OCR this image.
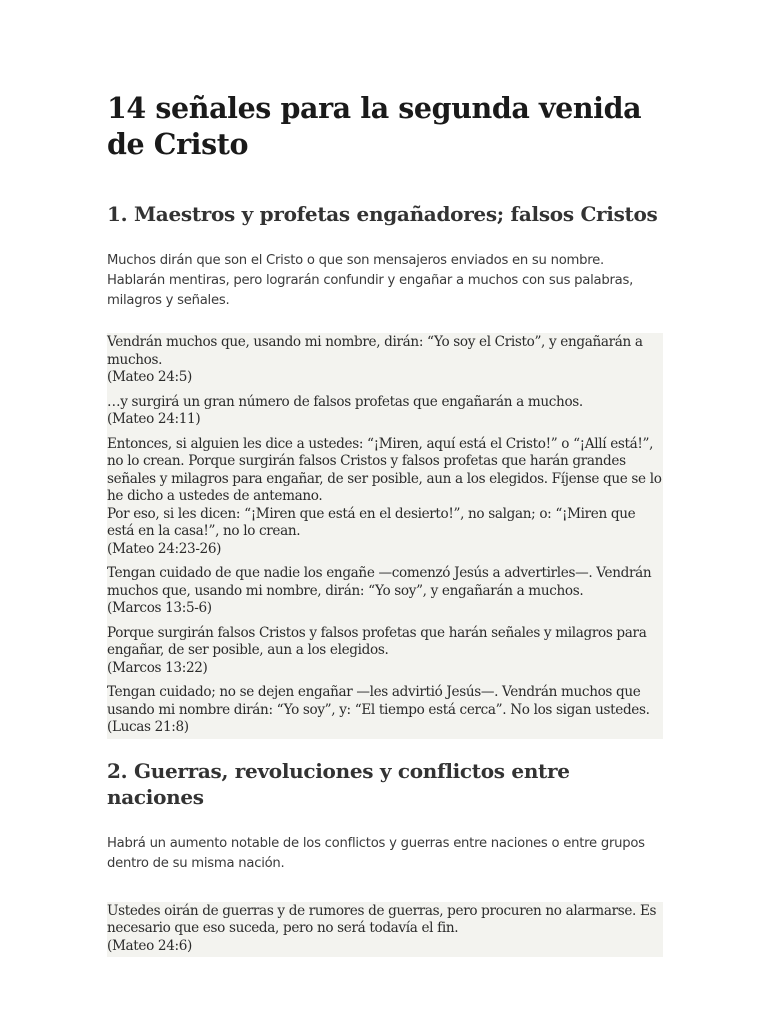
14 señales para la segunda venida de Cristo
1. Maestros y profetas engañadores; falsos Cristos

Muchos dirán que son el Cristo o que son mensajeros enviados en su nombre. Hablarán mentiras, pero lograrán confundir y engañar a muchos con sus palabras, milagros y señales.

Vendrán muchos que, usando mi nombre, dirán: “Yo soy el Cristo”, y engañarán a muchos.
(Mateo 24:5)

…y surgirá un gran número de falsos profetas que engañarán a muchos.
(Mateo 24:11)

Entonces, si alguien les dice a ustedes: “¡Miren, aquí está el Cristo!” o “¡Allí está!”, no lo crean. Porque surgirán falsos Cristos y falsos profetas que harán grandes señales y milagros para engañar, de ser posible, aun a los elegidos. Fíjense que se lo he dicho a ustedes de antemano.
Por eso, si les dicen: “¡Miren que está en el desierto!”, no salgan; o: “¡Miren que está en la casa!”, no lo crean.
(Mateo 24:23-26)

Tengan cuidado de que nadie los engañe —comenzó Jesús a advertirles—. Vendrán muchos que, usando mi nombre, dirán: “Yo soy”, y engañarán a muchos.
(Marcos 13:5-6)

Porque surgirán falsos Cristos y falsos profetas que harán señales y milagros para engañar, de ser posible, aun a los elegidos.
(Marcos 13:22)

Tengan cuidado; no se dejen engañar —les advirtió Jesús—. Vendrán muchos que usando mi nombre dirán: “Yo soy”, y: “El tiempo está cerca”. No los sigan ustedes.
(Lucas 21:8)

2. Guerras, revoluciones y conflictos entre naciones

Habrá un aumento notable de los conflictos y guerras entre naciones o entre grupos dentro de su misma nación.

Ustedes oirán de guerras y de rumores de guerras, pero procuren no alarmarse. Es necesario que eso suceda, pero no será todavía el fin.
(Mateo 24:6)
